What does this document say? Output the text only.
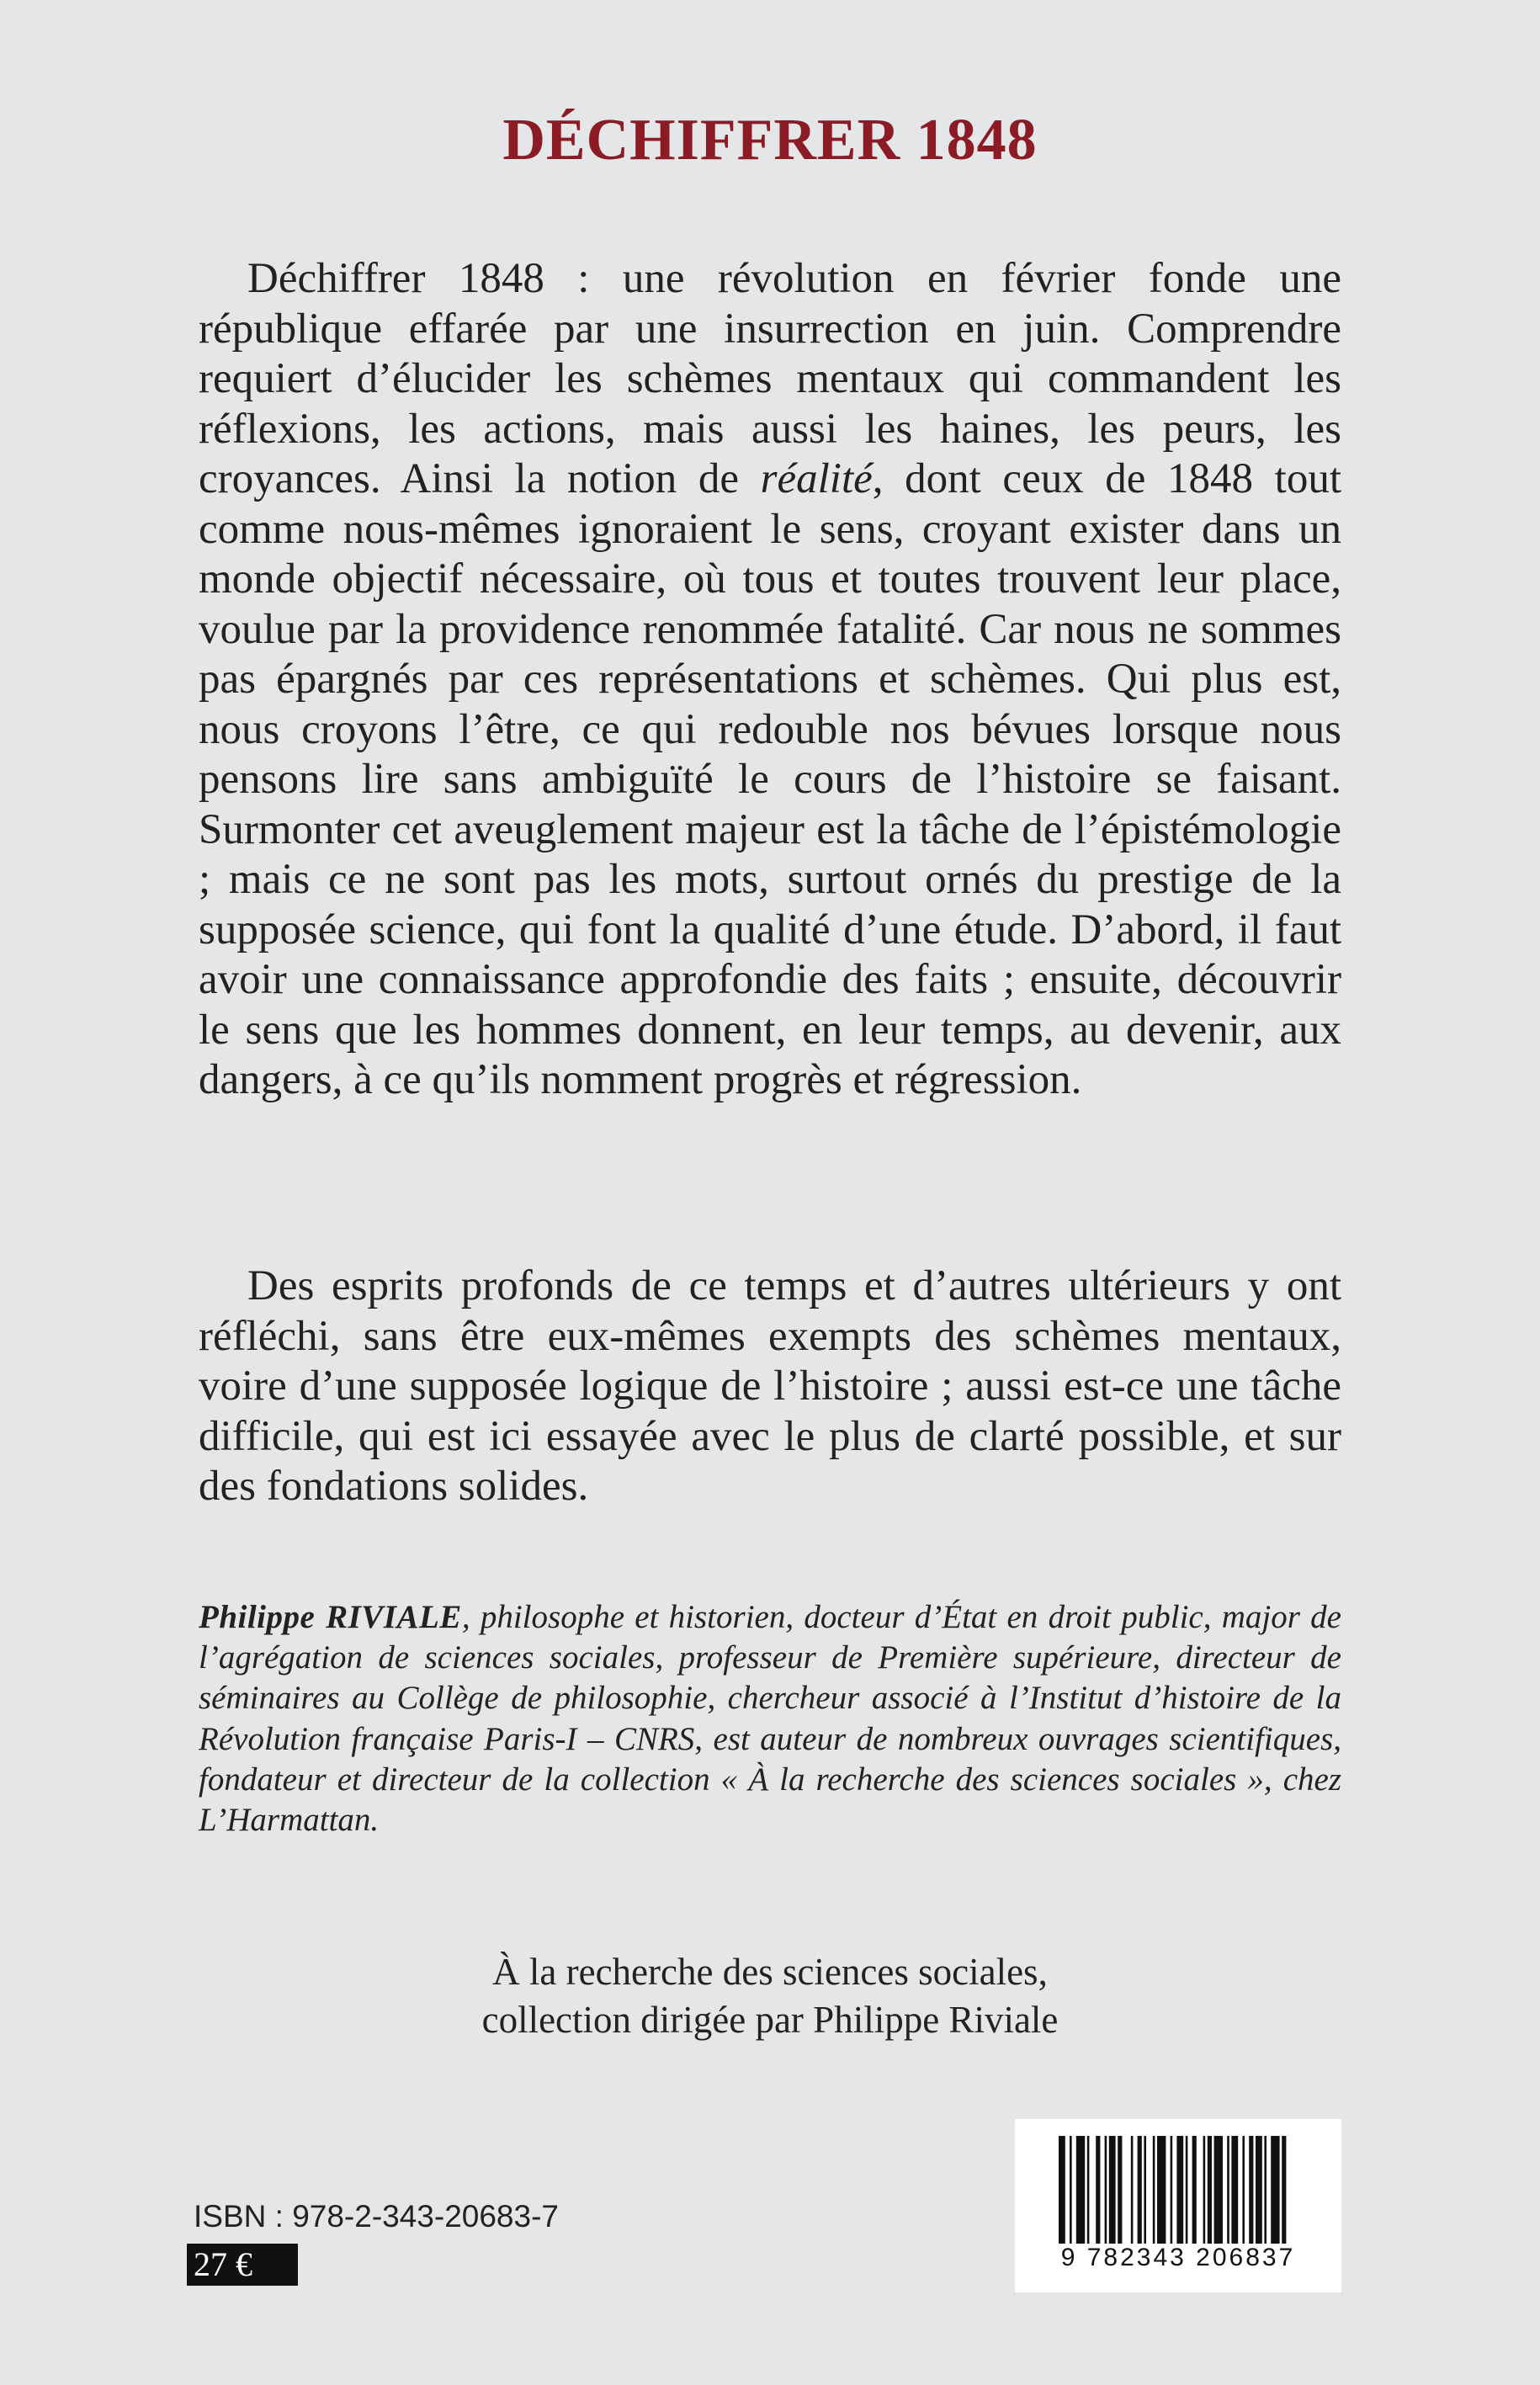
DÉCHIFFRER 1848

Déchiffrer 1848 : une révolution en février fonde une république effarée par une insurrection en juin. Comprendre requiert d’élucider les schèmes mentaux qui commandent les réflexions, les actions, mais aussi les haines, les peurs, les croyances. Ainsi la notion de réalité, dont ceux de 1848 tout comme nous-mêmes ignoraient le sens, croyant exister dans un monde objectif nécessaire, où tous et toutes trouvent leur place, voulue par la providence renommée fatalité. Car nous ne sommes pas épargnés par ces représentations et schèmes. Qui plus est, nous croyons l’être, ce qui redouble nos bévues lorsque nous pensons lire sans ambiguïté le cours de l’histoire se faisant. Surmonter cet aveuglement majeur est la tâche de l’épistémologie ; mais ce ne sont pas les mots, surtout ornés du prestige de la supposée science, qui font la qualité d’une étude. D’abord, il faut avoir une connaissance approfondie des faits ; ensuite, découvrir le sens que les hommes donnent, en leur temps, au devenir, aux dangers, à ce qu’ils nomment progrès et régression.

Des esprits profonds de ce temps et d’autres ultérieurs y ont réfléchi, sans être eux-mêmes exempts des schèmes mentaux, voire d’une supposée logique de l’histoire ; aussi est-ce une tâche difficile, qui est ici essayée avec le plus de clarté possible, et sur des fondations solides.

Philippe RIVIALE, philosophe et historien, docteur d’État en droit public, major de l’agrégation de sciences sociales, professeur de Première supérieure, directeur de séminaires au Collège de philosophie, chercheur associé à l’Institut d’histoire de la Révolution française Paris-I – CNRS, est auteur de nombreux ouvrages scientifiques, fondateur et directeur de la collection « À la recherche des sciences sociales », chez L’Harmattan.
À la recherche des sciences sociales,
collection dirigée par Philippe Riviale
ISBN : 978-2-343-20683-7
27 €	9 782343 206837
